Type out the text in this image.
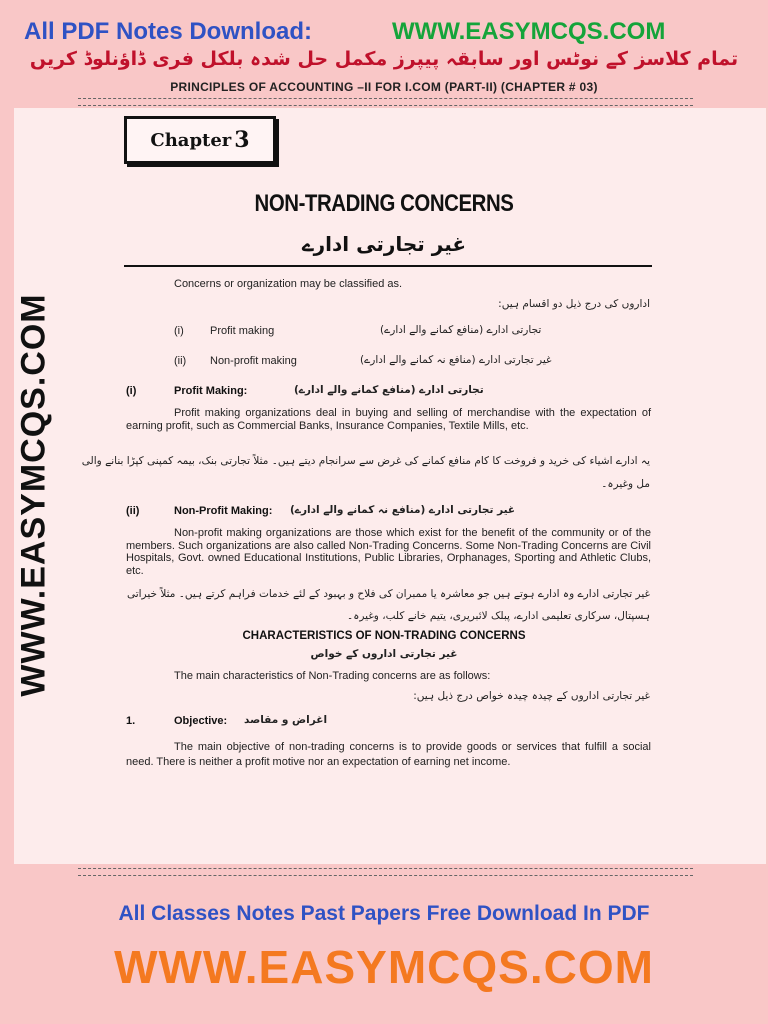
All PDF Notes Download:	WWW.EASYMCQS.COM
تمام کلاسز کے نوٹس اور سابقہ پیپرز مکمل حل شدہ بلکل فری ڈاؤنلوڈ کریں
PRINCIPLES OF ACCOUNTING –II FOR I.COM (PART-II) (CHAPTER # 03)
WWW.EASYMCQS.COM
Chapter 3
NON-TRADING CONCERNS
غیر تجارتی ادارے
Concerns or organization may be classified as.
اداروں کی درج ذیل دو اقسام ہیں:
(i) Profit making	تجارتی ادارے (منافع کمانے والے ادارے)
(ii) Non-profit making	غیر تجارتی ادارے (منافع نہ کمانے والے ادارے)
(i)	Profit Making:	تجارتی ادارے (منافع کمانے والے ادارے)
Profit making organizations deal in buying and selling of merchandise with the expectation of earning profit, such as Commercial Banks, Insurance Companies, Textile Mills, etc.
یہ ادارے اشیاء کی خرید و فروخت کا کام منافع کمانے کی غرض سے سرانجام دیتے ہیں۔ مثلاً تجارتی بنک، بیمہ کمپنی کپڑا بنانے والی
مل وغیرہ۔
(ii)	Non-Profit Making: غیر تجارتی ادارے (منافع نہ کمانے والے ادارے)
Non-profit making organizations are those which exist for the benefit of the community or of the members. Such organizations are also called Non-Trading Concerns. Some Non-Trading Concerns are Civil Hospitals, Govt. owned Educational Institutions, Public Libraries, Orphanages, Sporting and Athletic Clubs, etc.
غیر تجارتی ادارے وہ ادارے ہوتے ہیں جو معاشرہ یا ممبران کی فلاح و بہبود کے لئے خدمات فراہم کرتے ہیں۔ مثلاً خیراتی
ہسپتال، سرکاری تعلیمی ادارے، پبلک لائبریری، یتیم خانے کلب، وغیرہ۔
CHARACTERISTICS OF NON-TRADING CONCERNS
غیر تجارتی اداروں کے خواص
The main characteristics of Non-Trading concerns are as follows:
غیر تجارتی اداروں کے چیدہ چیدہ خواص درج ذیل ہیں:
1.	Objective: اغراض و مقاصد
The main objective of non-trading concerns is to provide goods or services that fulfill a social need. There is neither a profit motive nor an expectation of earning net income.
All Classes Notes Past Papers Free Download In PDF
WWW.EASYMCQS.COM
